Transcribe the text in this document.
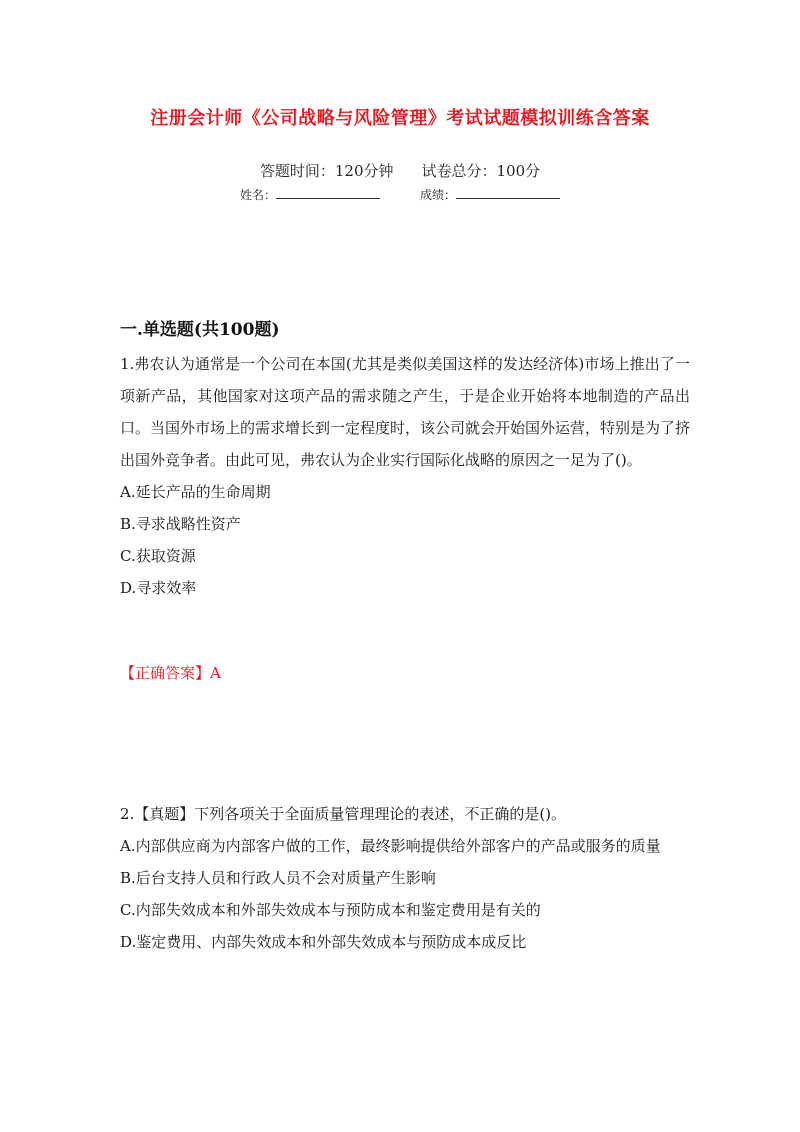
注册会计师《公司战略与风险管理》考试试题模拟训练含答案
答题时间：120分钟 试卷总分：100分
姓名：	成绩：
一.单选题(共100题)

1.弗农认为通常是一个公司在本国(尤其是类似美国这样的发达经济体)市场上推出了一项新产品，其他国家对这项产品的需求随之产生，于是企业开始将本地制造的产品出口。当国外市场上的需求增长到一定程度时，该公司就会开始国外运营，特别是为了挤出国外竞争者。由此可见，弗农认为企业实行国际化战略的原因之一足为了()。

A.延长产品的生命周期

B.寻求战略性资产

C.获取资源

D.寻求效率

【正确答案】A

2.【真题】下列各项关于全面质量管理理论的表述，不正确的是()。

A.内部供应商为内部客户做的工作，最终影响提供给外部客户的产品或服务的质量

B.后台支持人员和行政人员不会对质量产生影响

C.内部失效成本和外部失效成本与预防成本和鉴定费用是有关的

D.鉴定费用、内部失效成本和外部失效成本与预防成本成反比
